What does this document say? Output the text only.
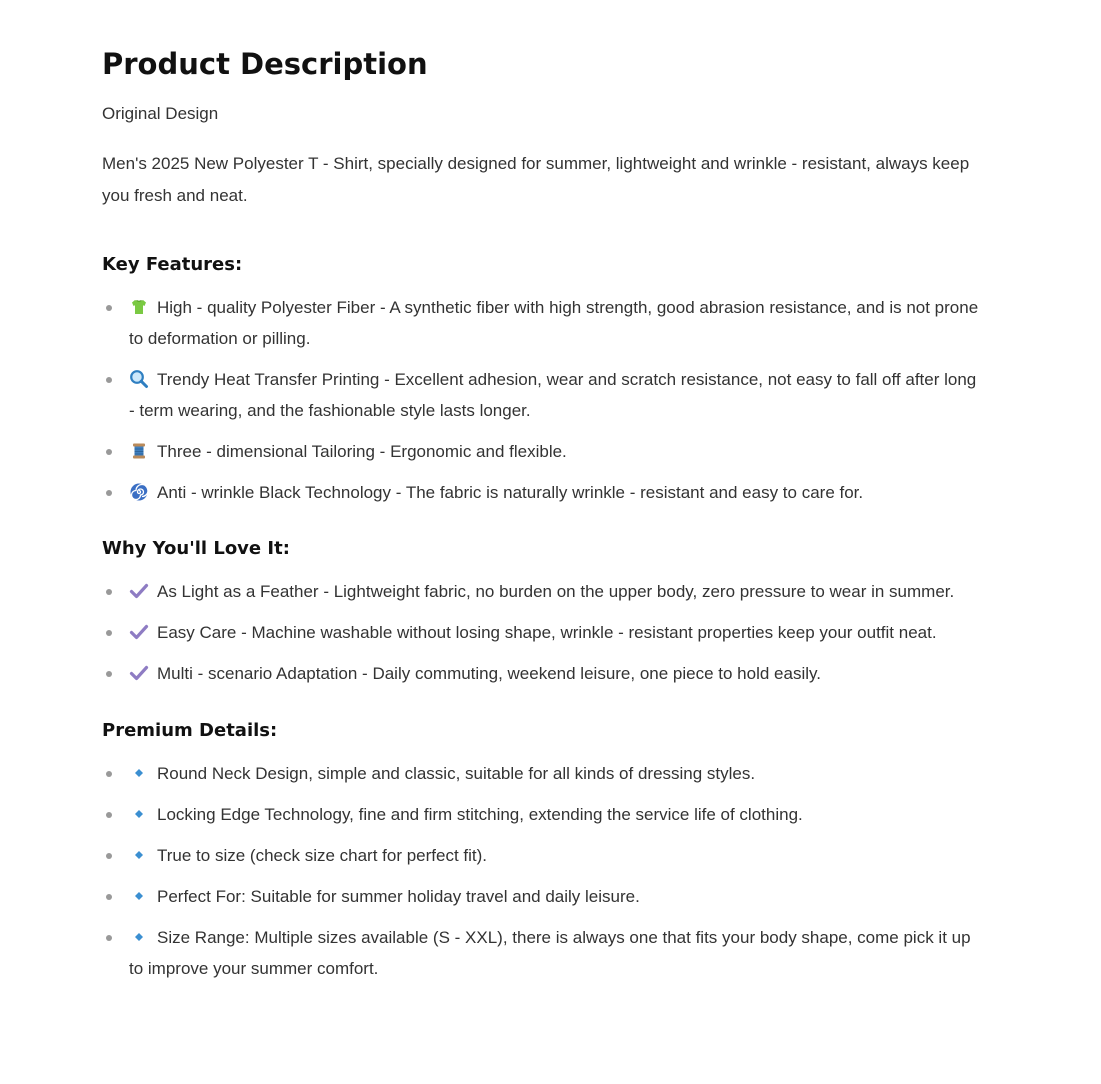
Product Description

Original Design

Men's 2025 New Polyester T - Shirt, specially designed for summer, lightweight and wrinkle - resistant, always keep you fresh and neat.

Key Features:
High - quality Polyester Fiber - A synthetic fiber with high strength, good abrasion resistance, and is not prone to deformation or pilling.
Trendy Heat Transfer Printing - Excellent adhesion, wear and scratch resistance, not easy to fall off after long - term wearing, and the fashionable style lasts longer.
Three - dimensional Tailoring - Ergonomic and flexible.
Anti - wrinkle Black Technology - The fabric is naturally wrinkle - resistant and easy to care for.
Why You'll Love It:
As Light as a Feather - Lightweight fabric, no burden on the upper body, zero pressure to wear in summer.
Easy Care - Machine washable without losing shape, wrinkle - resistant properties keep your outfit neat.
Multi - scenario Adaptation - Daily commuting, weekend leisure, one piece to hold easily.
Premium Details:
Round Neck Design, simple and classic, suitable for all kinds of dressing styles.
Locking Edge Technology, fine and firm stitching, extending the service life of clothing.
True to size (check size chart for perfect fit).
Perfect For: Suitable for summer holiday travel and daily leisure.
Size Range: Multiple sizes available (S - XXL), there is always one that fits your body shape, come pick it up to improve your summer comfort.
